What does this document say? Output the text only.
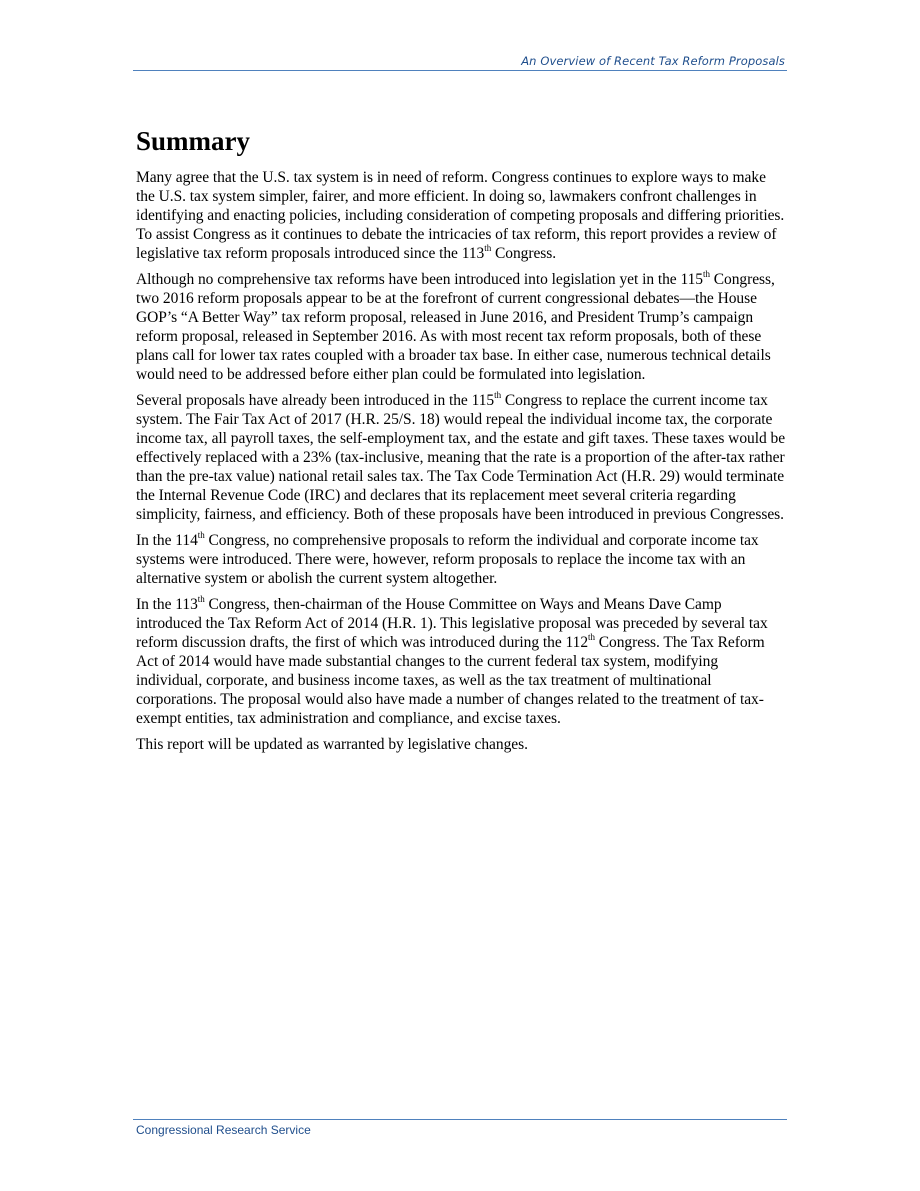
An Overview of Recent Tax Reform Proposals
Summary

Many agree that the U.S. tax system is in need of reform. Congress continues to explore ways to make the U.S. tax system simpler, fairer, and more efficient. In doing so, lawmakers confront challenges in identifying and enacting policies, including consideration of competing proposals and differing priorities. To assist Congress as it continues to debate the intricacies of tax reform, this report provides a review of legislative tax reform proposals introduced since the 113th Congress.

Although no comprehensive tax reforms have been introduced into legislation yet in the 115th Congress, two 2016 reform proposals appear to be at the forefront of current congressional debates—the House GOP’s “A Better Way” tax reform proposal, released in June 2016, and President Trump’s campaign reform proposal, released in September 2016. As with most recent tax reform proposals, both of these plans call for lower tax rates coupled with a broader tax base. In either case, numerous technical details would need to be addressed before either plan could be formulated into legislation.

Several proposals have already been introduced in the 115th Congress to replace the current income tax system. The Fair Tax Act of 2017 (H.R. 25/S. 18) would repeal the individual income tax, the corporate income tax, all payroll taxes, the self-employment tax, and the estate and gift taxes. These taxes would be effectively replaced with a 23% (tax-inclusive, meaning that the rate is a proportion of the after-tax rather than the pre-tax value) national retail sales tax. The Tax Code Termination Act (H.R. 29) would terminate the Internal Revenue Code (IRC) and declares that its replacement meet several criteria regarding simplicity, fairness, and efficiency. Both of these proposals have been introduced in previous Congresses.

In the 114th Congress, no comprehensive proposals to reform the individual and corporate income tax systems were introduced. There were, however, reform proposals to replace the income tax with an alternative system or abolish the current system altogether.

In the 113th Congress, then-chairman of the House Committee on Ways and Means Dave Camp introduced the Tax Reform Act of 2014 (H.R. 1). This legislative proposal was preceded by several tax reform discussion drafts, the first of which was introduced during the 112th Congress. The Tax Reform Act of 2014 would have made substantial changes to the current federal tax system, modifying individual, corporate, and business income taxes, as well as the tax treatment of multinational corporations. The proposal would also have made a number of changes related to the treatment of tax-exempt entities, tax administration and compliance, and excise taxes.

This report will be updated as warranted by legislative changes.

Congressional Research Service
